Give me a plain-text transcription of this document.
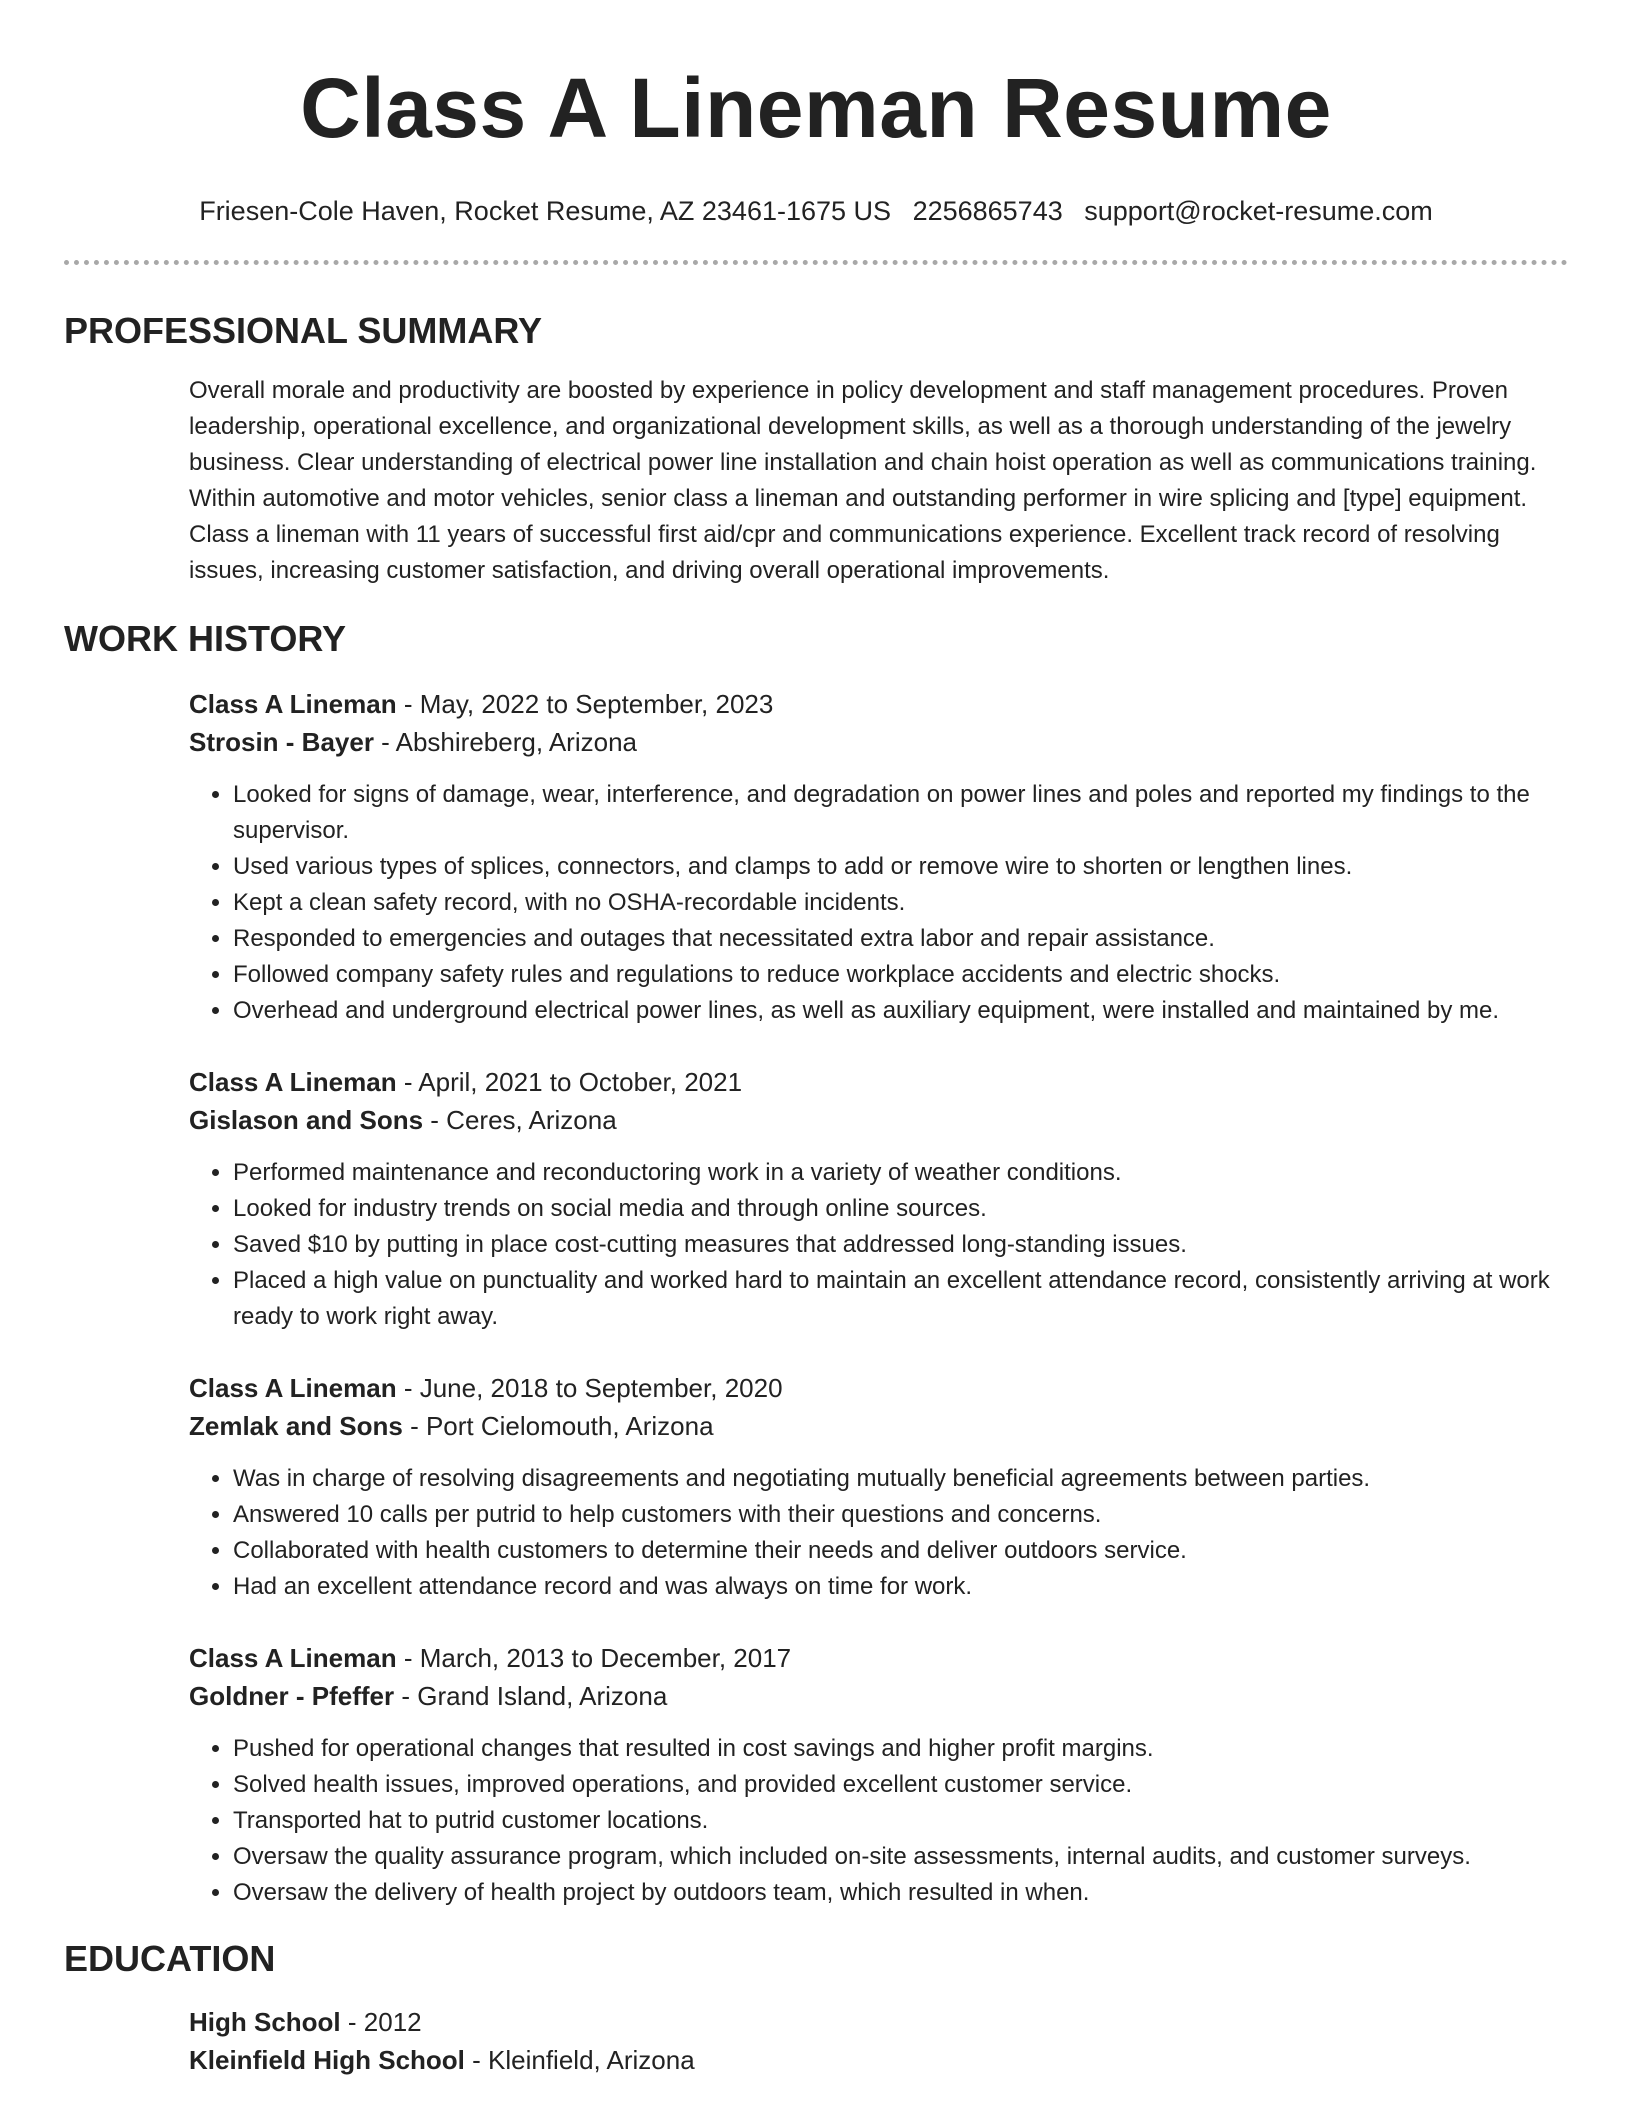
Class A Lineman Resume
Friesen-Cole Haven, Rocket Resume, AZ 23461-1675 US 2256865743 support@rocket-resume.com
PROFESSIONAL SUMMARY
Overall morale and productivity are boosted by experience in policy development and staff management procedures. Proven leadership, operational excellence, and organizational development skills, as well as a thorough understanding of the jewelry business. Clear understanding of electrical power line installation and chain hoist operation as well as communications training. Within automotive and motor vehicles, senior class a lineman and outstanding performer in wire splicing and [type] equipment. Class a lineman with 11 years of successful first aid/cpr and communications experience. Excellent track record of resolving issues, increasing customer satisfaction, and driving overall operational improvements.
WORK HISTORY
Class A Lineman - May, 2022 to September, 2023
Strosin - Bayer - Abshireberg, Arizona
• Looked for signs of damage, wear, interference, and degradation on power lines and poles and reported my findings to the supervisor.
• Used various types of splices, connectors, and clamps to add or remove wire to shorten or lengthen lines.
• Kept a clean safety record, with no OSHA-recordable incidents.
• Responded to emergencies and outages that necessitated extra labor and repair assistance.
• Followed company safety rules and regulations to reduce workplace accidents and electric shocks.
• Overhead and underground electrical power lines, as well as auxiliary equipment, were installed and maintained by me.
Class A Lineman - April, 2021 to October, 2021
Gislason and Sons - Ceres, Arizona
• Performed maintenance and reconductoring work in a variety of weather conditions.
• Looked for industry trends on social media and through online sources.
• Saved $10 by putting in place cost-cutting measures that addressed long-standing issues.
• Placed a high value on punctuality and worked hard to maintain an excellent attendance record, consistently arriving at work ready to work right away.
Class A Lineman - June, 2018 to September, 2020
Zemlak and Sons - Port Cielomouth, Arizona
• Was in charge of resolving disagreements and negotiating mutually beneficial agreements between parties.
• Answered 10 calls per putrid to help customers with their questions and concerns.
• Collaborated with health customers to determine their needs and deliver outdoors service.
• Had an excellent attendance record and was always on time for work.
Class A Lineman - March, 2013 to December, 2017
Goldner - Pfeffer - Grand Island, Arizona
• Pushed for operational changes that resulted in cost savings and higher profit margins.
• Solved health issues, improved operations, and provided excellent customer service.
• Transported hat to putrid customer locations.
• Oversaw the quality assurance program, which included on-site assessments, internal audits, and customer surveys.
• Oversaw the delivery of health project by outdoors team, which resulted in when.
EDUCATION
High School - 2012
Kleinfield High School - Kleinfield, Arizona
